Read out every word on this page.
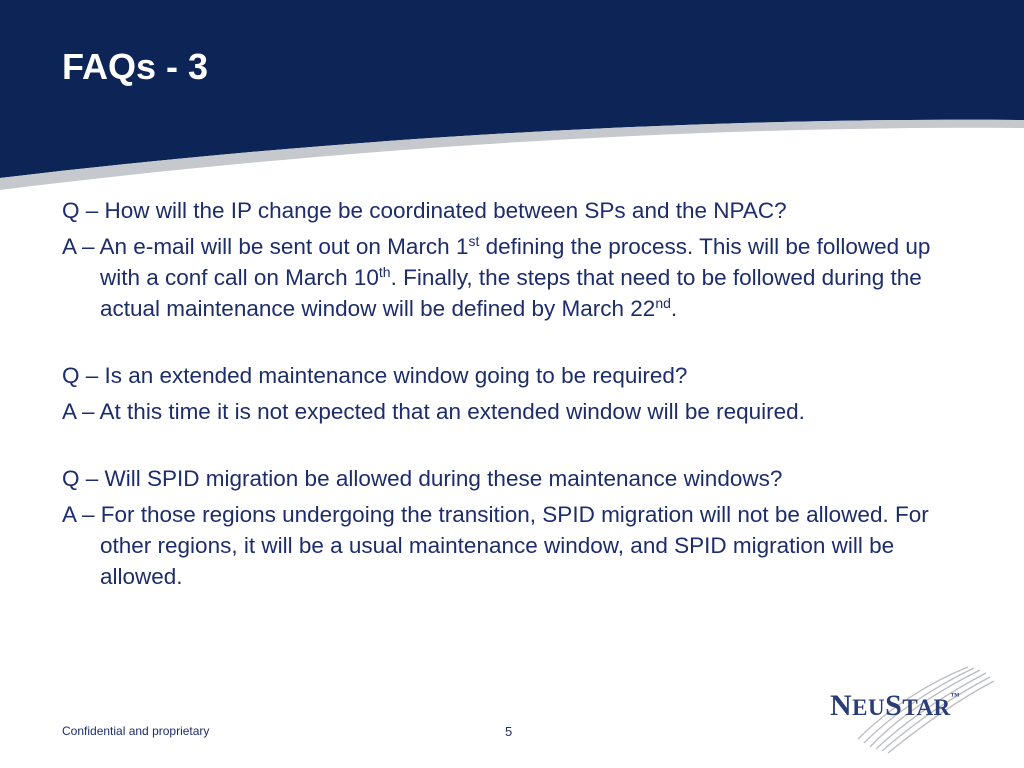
FAQs - 3

Q – How will the IP change be coordinated between SPs and the NPAC?

A – An e-mail will be sent out on March 1st defining the process. This will be followed up with a conf call on March 10th. Finally, the steps that need to be followed during the actual maintenance window will be defined by March 22nd.

Q – Is an extended maintenance window going to be required?

A – At this time it is not expected that an extended window will be required.

Q – Will SPID migration be allowed during these maintenance windows?

A – For those regions undergoing the transition, SPID migration will not be allowed. For other regions, it will be a usual maintenance window, and SPID migration will be allowed.

Confidential and proprietary	5
NEUSTAR™
